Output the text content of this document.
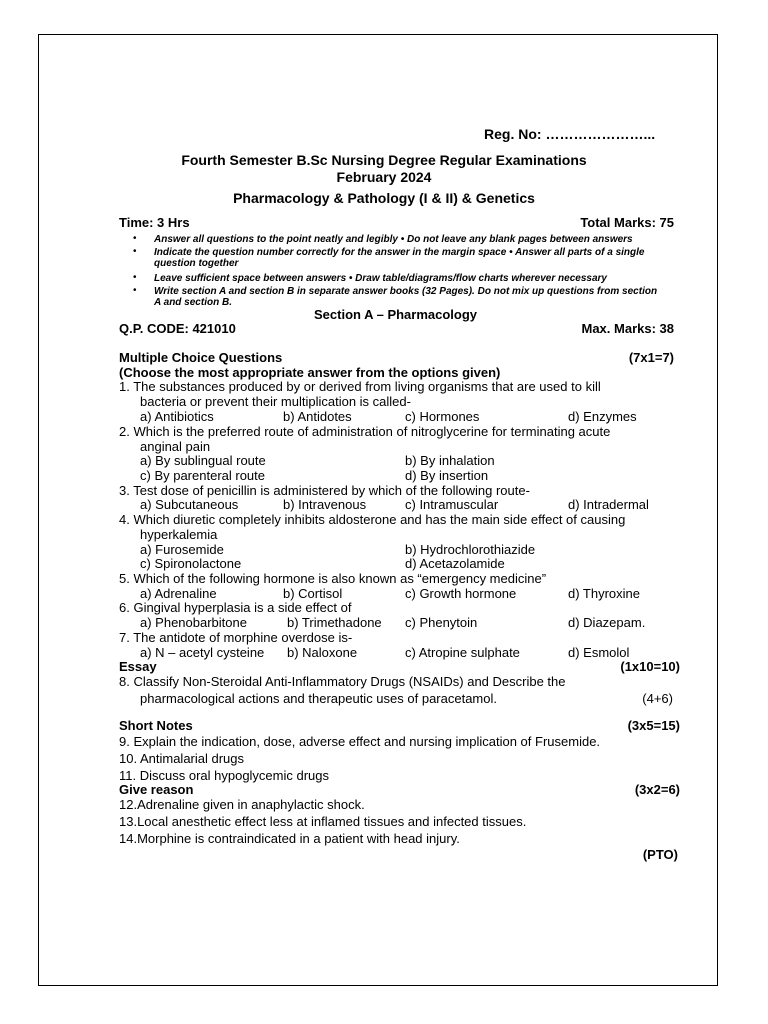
Reg. No: …………………...
Fourth Semester B.Sc Nursing Degree Regular Examinations
February 2024
Pharmacology & Pathology (I & II) & Genetics
Time: 3 Hrs	Total Marks: 75
• Answer all questions to the point neatly and legibly • Do not leave any blank pages between answers
• Indicate the question number correctly for the answer in the margin space • Answer all parts of a single
question together
• Leave sufficient space between answers • Draw table/diagrams/flow charts wherever necessary
• Write section A and section B in separate answer books (32 Pages). Do not mix up questions from section
A and section B.
Section A – Pharmacology
Q.P. CODE: 421010	Max. Marks: 38
Multiple Choice Questions	(7x1=7)
(Choose the most appropriate answer from the options given)
1. The substances produced by or derived from living organisms that are used to kill
bacteria or prevent their multiplication is called-
a) Antibiotics	b) Antidotes	c) Hormones	d) Enzymes
2. Which is the preferred route of administration of nitroglycerine for terminating acute
anginal pain
a) By sublingual route	b) By inhalation
c) By parenteral route	d) By insertion
3. Test dose of penicillin is administered by which of the following route-
a) Subcutaneous	b) Intravenous	c) Intramuscular	d) Intradermal
4. Which diuretic completely inhibits aldosterone and has the main side effect of causing
hyperkalemia
a) Furosemide	b) Hydrochlorothiazide
c) Spironolactone	d) Acetazolamide
5. Which of the following hormone is also known as “emergency medicine”
a) Adrenaline	b) Cortisol	c) Growth hormone	d) Thyroxine
6. Gingival hyperplasia is a side effect of
a) Phenobarbitone	b) Trimethadone c) Phenytoin	d) Diazepam.
7. The antidote of morphine overdose is-
a) N – acetyl cysteine b) Naloxone	c) Atropine sulphate	d) Esmolol
Essay	(1x10=10)
8. Classify Non-Steroidal Anti-Inflammatory Drugs (NSAIDs) and Describe the
pharmacological actions and therapeutic uses of paracetamol.	(4+6)
Short Notes	(3x5=15)
9. Explain the indication, dose, adverse effect and nursing implication of Frusemide.
10. Antimalarial drugs
11. Discuss oral hypoglycemic drugs
Give reason	(3x2=6)
12.Adrenaline given in anaphylactic shock.
13.Local anesthetic effect less at inflamed tissues and infected tissues.
14.Morphine is contraindicated in a patient with head injury.
(PTO)
